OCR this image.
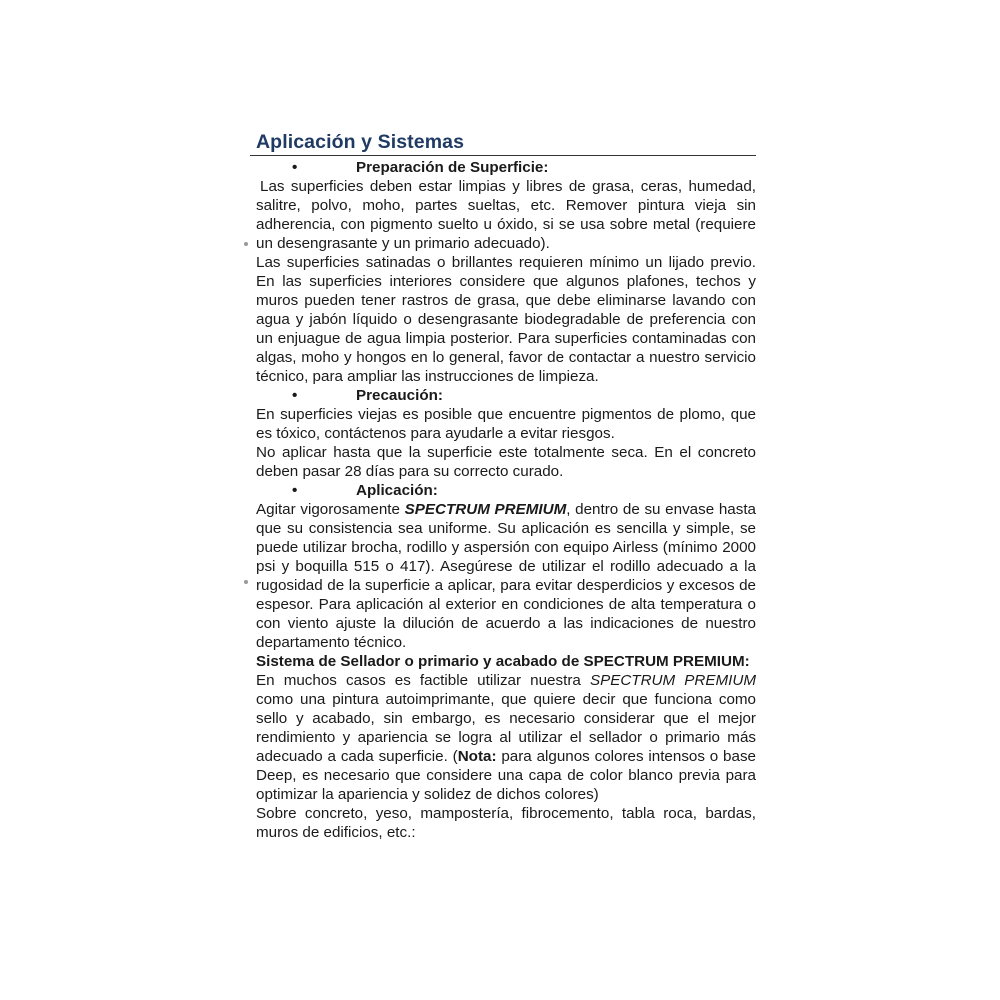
Aplicación y Sistemas
•	Preparación de Superficie:

Las superficies deben estar limpias y libres de grasa, ceras, humedad, salitre, polvo, moho, partes sueltas, etc. Remover pintura vieja sin adherencia, con pigmento suelto u óxido, si se usa sobre metal (requiere un desengrasante y un primario adecuado).

Las superficies satinadas o brillantes requieren mínimo un lijado previo. En las superficies interiores considere que algunos plafones, techos y muros pueden tener rastros de grasa, que debe eliminarse lavando con agua y jabón líquido o desengrasante biodegradable de preferencia con un enjuague de agua limpia posterior. Para superficies contaminadas con algas, moho y hongos en lo general, favor de contactar a nuestro servicio técnico, para ampliar las instrucciones de limpieza.

•	Precaución:

En superficies viejas es posible que encuentre pigmentos de plomo, que es tóxico, contáctenos para ayudarle a evitar riesgos.

No aplicar hasta que la superficie este totalmente seca. En el concreto deben pasar 28 días para su correcto curado.

•	Aplicación:

Agitar vigorosamente SPECTRUM PREMIUM, dentro de su envase hasta que su consistencia sea uniforme. Su aplicación es sencilla y simple, se puede utilizar brocha, rodillo y aspersión con equipo Airless (mínimo 2000 psi y boquilla 515 o 417). Asegúrese de utilizar el rodillo adecuado a la rugosidad de la superficie a aplicar, para evitar desperdicios y excesos de espesor. Para aplicación al exterior en condiciones de alta temperatura o con viento ajuste la dilución de acuerdo a las indicaciones de nuestro departamento técnico.

Sistema de Sellador o primario y acabado de SPECTRUM PREMIUM:

En muchos casos es factible utilizar nuestra SPECTRUM PREMIUM como una pintura autoimprimante, que quiere decir que funciona como sello y acabado, sin embargo, es necesario considerar que el mejor rendimiento y apariencia se logra al utilizar el sellador o primario más adecuado a cada superficie. (Nota: para algunos colores intensos o base Deep, es necesario que considere una capa de color blanco previa para optimizar la apariencia y solidez de dichos colores)

Sobre concreto, yeso, mampostería, fibrocemento, tabla roca, bardas, muros de edificios, etc.:
